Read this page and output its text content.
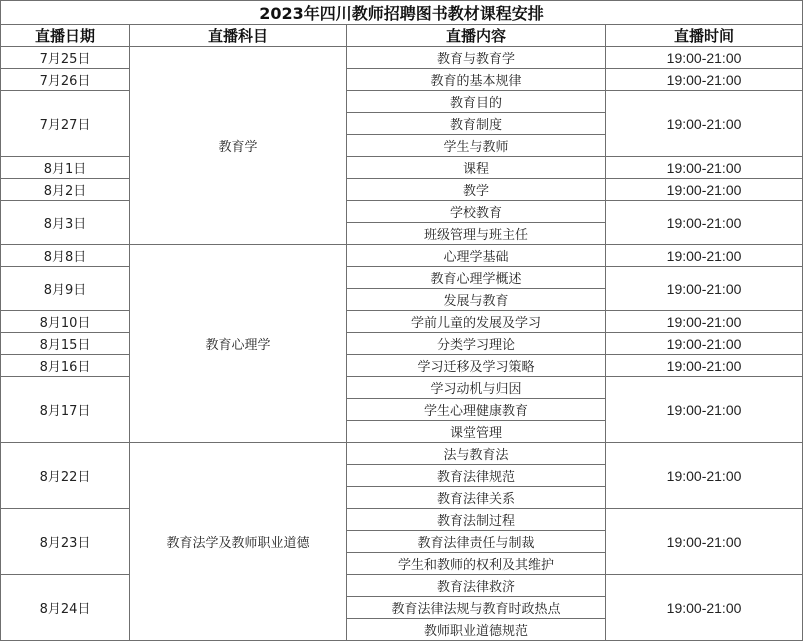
2023年四川教师招聘图书教材课程安排			
直播日期	直播科目	直播内容	直播时间
7月25日	教育学	教育与教育学	19:00-21:00
7月26日		教育的基本规律	19:00-21:00
7月27日		教育目的	19:00-21:00
		教育制度	
		学生与教师	
8月1日		课程	19:00-21:00
8月2日		教学	19:00-21:00
8月3日		学校教育	19:00-21:00
		班级管理与班主任	
8月8日	教育心理学	心理学基础	19:00-21:00
8月9日		教育心理学概述	19:00-21:00
		发展与教育	
8月10日		学前儿童的发展及学习	19:00-21:00
8月15日		分类学习理论	19:00-21:00
8月16日		学习迁移及学习策略	19:00-21:00
8月17日		学习动机与归因	19:00-21:00
		学生心理健康教育	
		课堂管理	
8月22日	教育法学及教师职业道德	法与教育法	19:00-21:00
		教育法律规范	
		教育法律关系	
8月23日		教育法制过程	19:00-21:00
		教育法律责任与制裁	
		学生和教师的权利及其维护	
8月24日		教育法律救济	19:00-21:00
		教育法律法规与教育时政热点	
		教师职业道德规范	
